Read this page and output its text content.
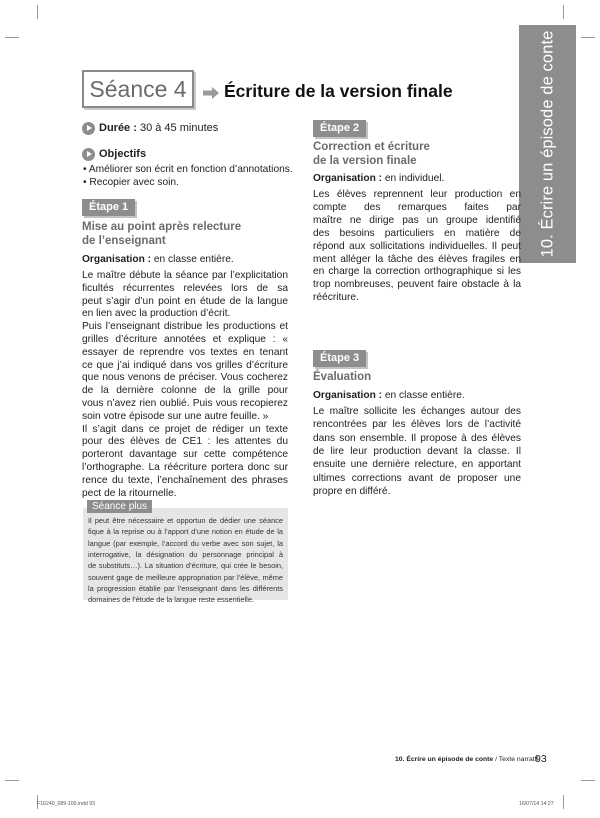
10. Écrire un épisode de conte
Séance 4	Écriture de la version finale
Durée : 30 à 45 minutes
Objectifs
• Améliorer son écrit en fonction d’annotations.
• Recopier avec soin.
Étape 1
Mise au point après relecture
de l’enseignant
Organisation : en classe entière.
Le maître débute la séance par l’explicitation
ficultés récurrentes relevées lors de sa
peut s’agir d’un point en étude de la langue
en lien avec la production d’écrit.
Puis l’enseignant distribue les productions et
grilles d’écriture annotées et explique : «
essayer de reprendre vos textes en tenant
ce que j’ai indiqué dans vos grilles d’écriture
que nous venons de préciser. Vous cocherez
de la dernière colonne de la grille pour
vous n’avez rien oublié. Puis vous recopierez
soin votre épisode sur une autre feuille. »
Il s’agit dans ce projet de rédiger un texte
pour des élèves de CE1 : les attentes du
porteront davantage sur cette compétence
l’orthographe. La réécriture portera donc sur
rence du texte, l’enchaînement des phrases
pect de la ritournelle.
Séance plus
Il peut être nécessaire et opportun de dédier une séance
fique à la reprise ou à l’apport d’une notion en étude de la
langue (par exemple, l’accord du verbe avec son sujet, la
interrogative, la désignation du personnage principal à
de substituts…). La situation d’écriture, qui crée le besoin,
souvent gage de meilleure appropriation par l’élève, même
la progression établie par l’enseignant dans les différents
domaines de l’étude de la langue reste essentielle.
Étape 2
Correction et écriture
de la version finale
Organisation : en individuel.
Les élèves reprennent leur production en
compte des remarques faites par
maître ne dirige pas un groupe identifié
des besoins particuliers en matière de
répond aux sollicitations individuelles. Il peut
ment alléger la tâche des élèves fragiles en
en charge la correction orthographique si les
trop nombreuses, peuvent faire obstacle à la
réécriture.
Étape 3
Évaluation
Organisation : en classe entière.
Le maître sollicite les échanges autour des
rencontrées par les élèves lors de l’activité
dans son ensemble. Il propose à des élèves
de lire leur production devant la classe. Il
ensuite une dernière relecture, en apportant
ultimes corrections avant de proposer une
propre en différé.
10. Écrire un épisode de conte / Texte narratif
93
F16240_089-100.indd 93	16/07/14 14:27
